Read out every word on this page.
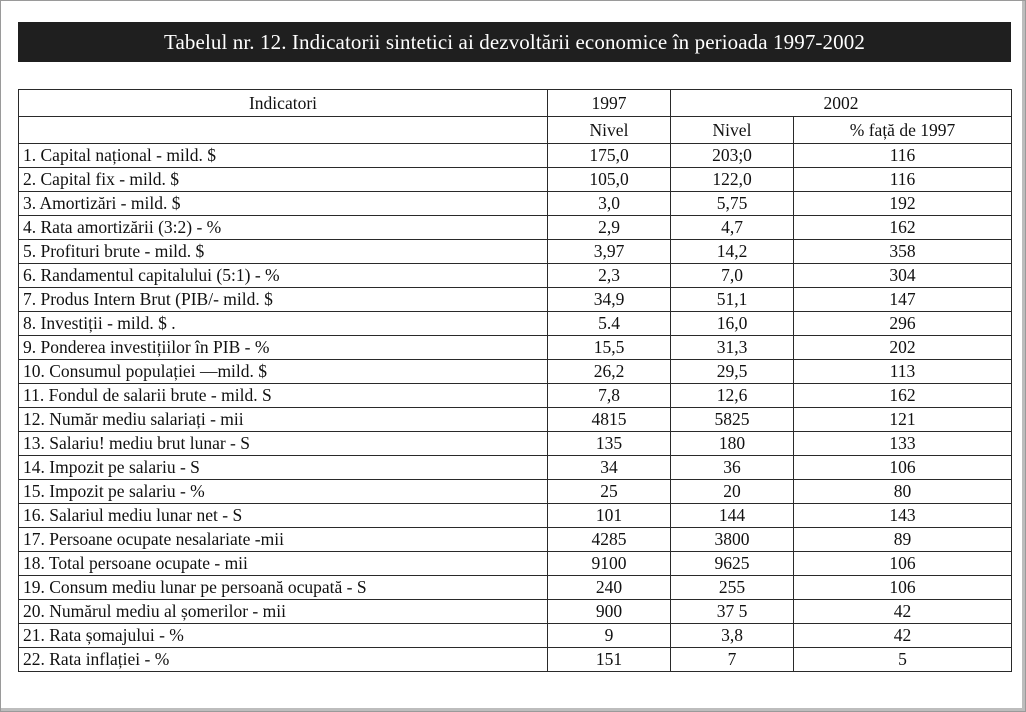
Tabelul nr. 12. Indicatorii sintetici ai dezvoltării economice în perioada 1997-2002
Indicatori	1997	2002	
	Nivel	Nivel	% față de 1997
1. Capital național - mild. $	175,0	203;0	116
2. Capital fix - mild. $	105,0	122,0	116
3. Amortizări - mild. $	3,0	5,75	192
4. Rata amortizării (3:2) - %	2,9	4,7	162
5. Profituri brute - mild. $	3,97	14,2	358
6. Randamentul capitalului (5:1) - %	2,3	7,0	304
7. Produs Intern Brut (PIB/- mild. $	34,9	51,1	147
8. Investiții - mild. $ .	5.4	16,0	296
9. Ponderea investițiilor în PIB - %	15,5	31,3	202
10. Consumul populației —mild. $	26,2	29,5	113
11. Fondul de salarii brute - mild. S	7,8	12,6	162
12. Număr mediu salariați - mii	4815	5825	121
13. Salariu! mediu brut lunar - S	135	180	133
14. Impozit pe salariu - S	34	36	106
15. Impozit pe salariu - %	25	20	80
16. Salariul mediu lunar net - S	101	144	143
17. Persoane ocupate nesalariate -mii	4285	3800	89
18. Total persoane ocupate - mii	9100	9625	106
19. Consum mediu lunar pe persoană ocupată - S	240	255	106
20. Numărul mediu al șomerilor - mii	900	37 5	42
21. Rata șomajului - %	9	3,8	42
22. Rata inflației - %	151	7	5
